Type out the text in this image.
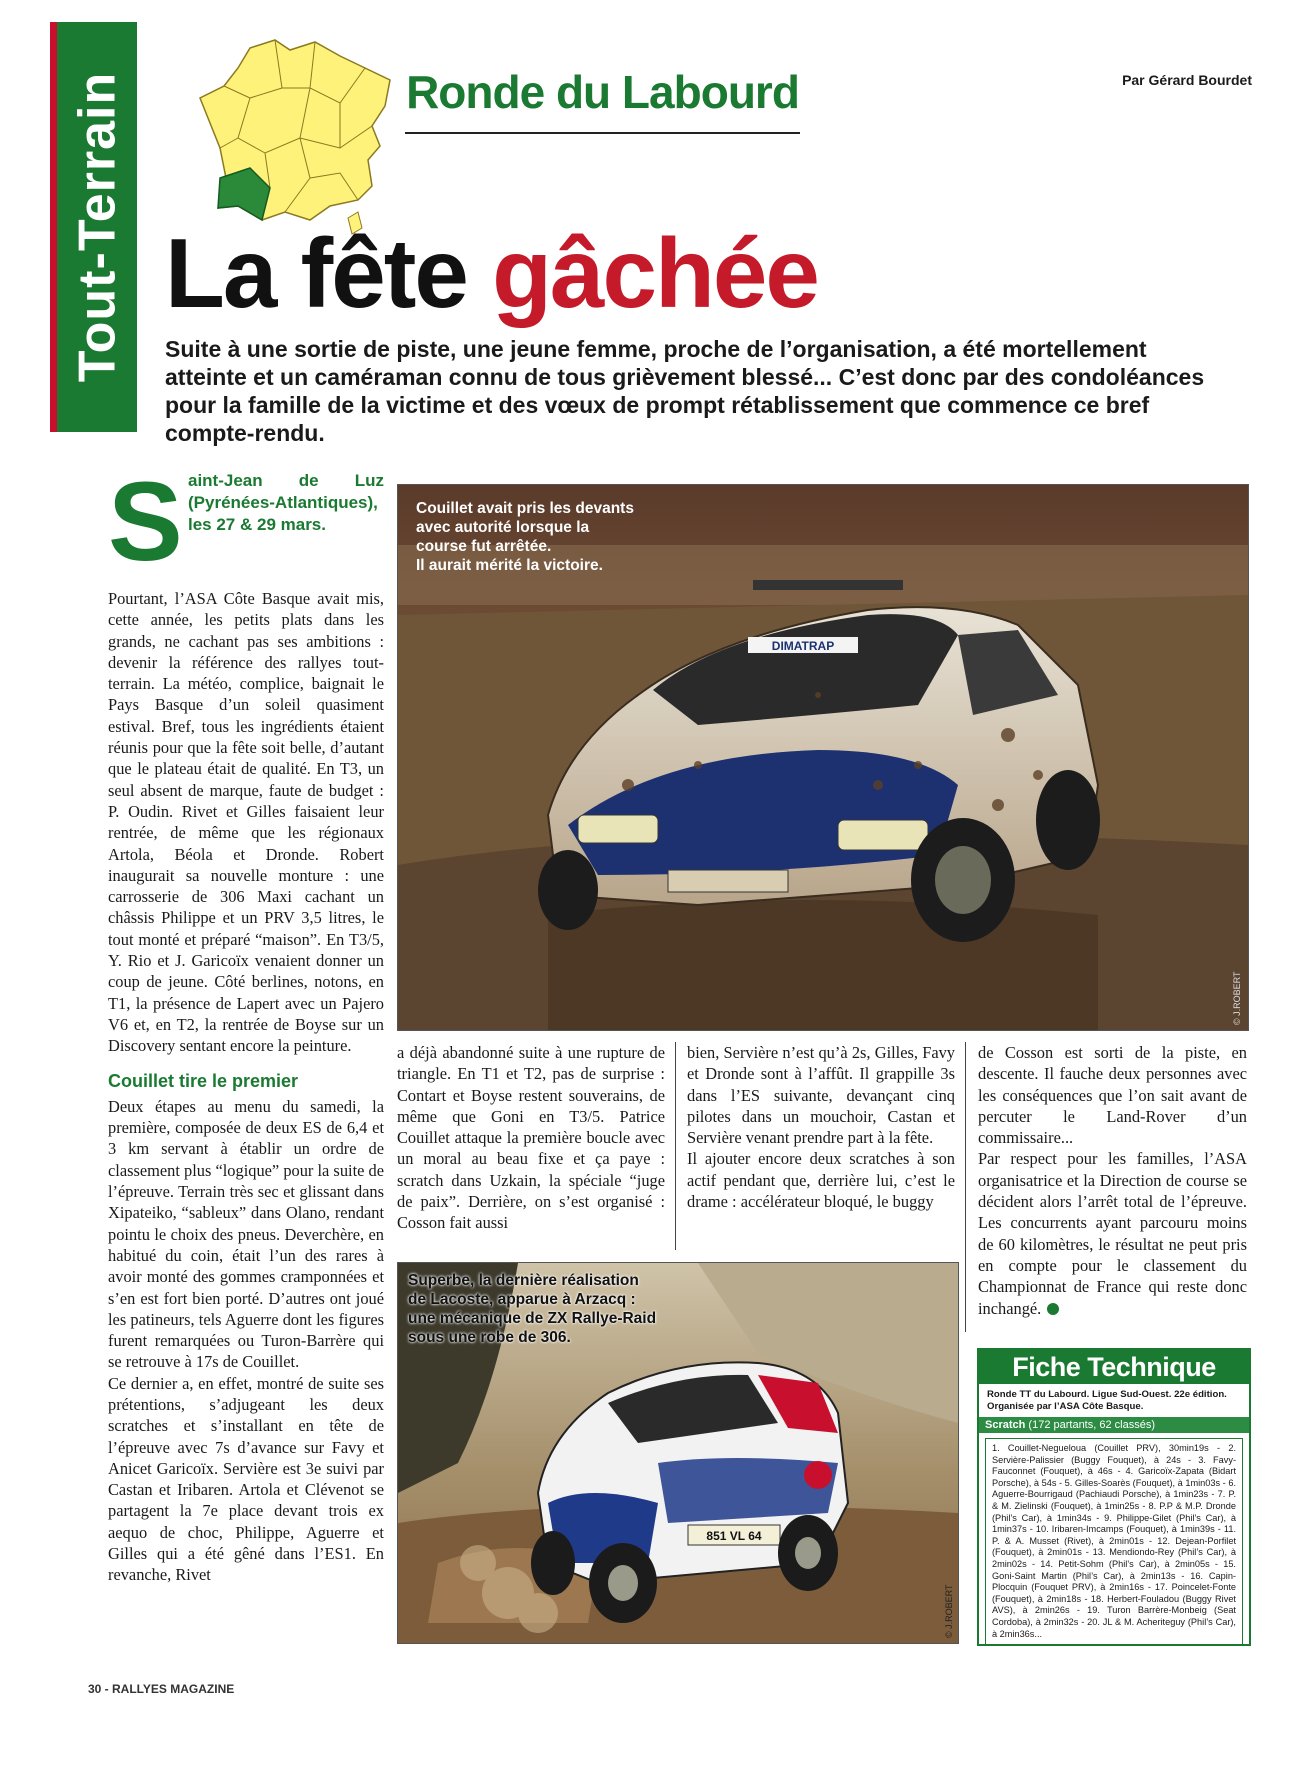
Tout-Terrain	Ronde du Labourd	Par Gérard Bourdet
La fête gâchée
Suite à une sortie de piste, une jeune femme, proche de l’organisation, a été mortellement atteinte et un caméraman connu de tous grièvement blessé... C’est donc par des condoléances pour la famille de la victime et des vœux de prompt rétablissement que commence ce bref compte-rendu.
S aint-Jean de Luz (Pyrénées-Atlantiques), les 27 & 29 mars.

Pourtant, l’ASA Côte Basque avait mis, cette année, les petits plats dans les grands, ne cachant pas ses ambitions : devenir la référence des rallyes tout-terrain. La météo, complice, baignait le Pays Basque d’un soleil quasiment estival. Bref, tous les ingrédients étaient réunis pour que la fête soit belle, d’autant que le plateau était de qualité. En T3, un seul absent de marque, faute de budget : P. Oudin. Rivet et Gilles faisaient leur rentrée, de même que les régionaux Artola, Béola et Dronde. Robert inaugurait sa nouvelle monture : une carrosserie de 306 Maxi cachant un châssis Philippe et un PRV 3,5 litres, le tout monté et préparé “maison”. En T3/5, Y. Rio et J. Garicoïx venaient donner un coup de jeune. Côté berlines, notons, en T1, la présence de Lapert avec un Pajero V6 et, en T2, la rentrée de Boyse sur un Discovery sentant encore la peinture.

Couillet tire le premier

Deux étapes au menu du samedi, la première, composée de deux ES de 6,4 et 3 km servant à établir un ordre de classement plus “logique” pour la suite de l’épreuve. Terrain très sec et glissant dans Xipateiko, “sableux” dans Olano, rendant pointu le choix des pneus. Deverchère, en habitué du coin, était l’un des rares à avoir monté des gommes cramponnées et s’en est fort bien porté. D’autres ont joué les patineurs, tels Aguerre dont les figures furent remarquées ou Turon-Barrère qui se retrouve à 17s de Couillet.

Ce dernier a, en effet, montré de suite ses prétentions, s’adjugeant les deux scratches et s’installant en tête de l’épreuve avec 7s d’avance sur Favy et Anicet Garicoïx. Servière est 3e suivi par Castan et Iribaren. Artola et Clévenot se partagent la 7e place devant trois ex aequo de choc, Philippe, Aguerre et Gilles qui a été gêné dans l’ES1. En revanche, Rivet

DIMATRAP
Couillet avait pris les devants
avec autorité lorsque la
course fut arrêtée.
Il aurait mérité la victoire.
© J.ROBERT

a déjà abandonné suite à une rupture de triangle. En T1 et T2, pas de surprise : Contart et Boyse restent souverains, de même que Goni en T3/5. Patrice Couillet attaque la première boucle avec un moral au beau fixe et ça paye : scratch dans Uzkain, la spéciale “juge de paix”. Derrière, on s’est organisé : Cosson fait aussi

bien, Servière n’est qu’à 2s, Gilles, Favy et Dronde sont à l’affût. Il grappille 3s dans l’ES suivante, devançant cinq pilotes dans un mouchoir, Castan et Servière venant prendre part à la fête.

Il ajouter encore deux scratches à son actif pendant que, derrière lui, c’est le drame : accélérateur bloqué, le buggy

de Cosson est sorti de la piste, en descente. Il fauche deux personnes avec les conséquences que l’on sait avant de percuter le Land-Rover d’un commissaire...

Par respect pour les familles, l’ASA organisatrice et la Direction de course se décident alors l’arrêt total de l’épreuve. Les concurrents ayant parcouru moins de 60 kilomètres, le résultat ne peut pris en compte pour le classement du Championnat de France qui reste donc inchangé.

851 VL 64
Superbe, la dernière réalisation
de Lacoste, apparue à Arzacq :
une mécanique de ZX Rallye-Raid
sous une robe de 306.
© J.ROBERT
Fiche Technique
Ronde TT du Labourd. Ligue Sud-Ouest. 22e édition. Organisée par l’ASA Côte Basque.
Scratch (172 partants, 62 classés)
1. Couillet-Negueloua (Couillet PRV), 30min19s - 2. Servière-Palissier (Buggy Fouquet), à 24s - 3. Favy-Fauconnet (Fouquet), à 46s - 4. Garicoïx-Zapata (Bidart Porsche), à 54s - 5. Gilles-Soarès (Fouquet), à 1min03s - 6. Aguerre-Bourrigaud (Pachiaudi Porsche), à 1min23s - 7. P. & M. Zielinski (Fouquet), à 1min25s - 8. P.P & M.P. Dronde (Phil’s Car), à 1min34s - 9. Philippe-Gilet (Phil’s Car), à 1min37s - 10. Iribaren-Imcamps (Fouquet), à 1min39s - 11. P. & A. Musset (Rivet), à 2min01s - 12. Dejean-Porfilet (Fouquet), à 2min01s - 13. Mendiondo-Rey (Phil’s Car), à 2min02s - 14. Petit-Sohm (Phil’s Car), à 2min05s - 15. Goni-Saint Martin (Phil’s Car), à 2min13s - 16. Capin-Plocquin (Fouquet PRV), à 2min16s - 17. Poincelet-Fonte (Fouquet), à 2min18s - 18. Herbert-Fouladou (Buggy Rivet AVS), à 2min26s - 19. Turon Barrère-Monbeig (Seat Cordoba), à 2min32s - 20. JL & M. Acheriteguy (Phil’s Car), à 2min36s...
30 - RALLYES MAGAZINE
